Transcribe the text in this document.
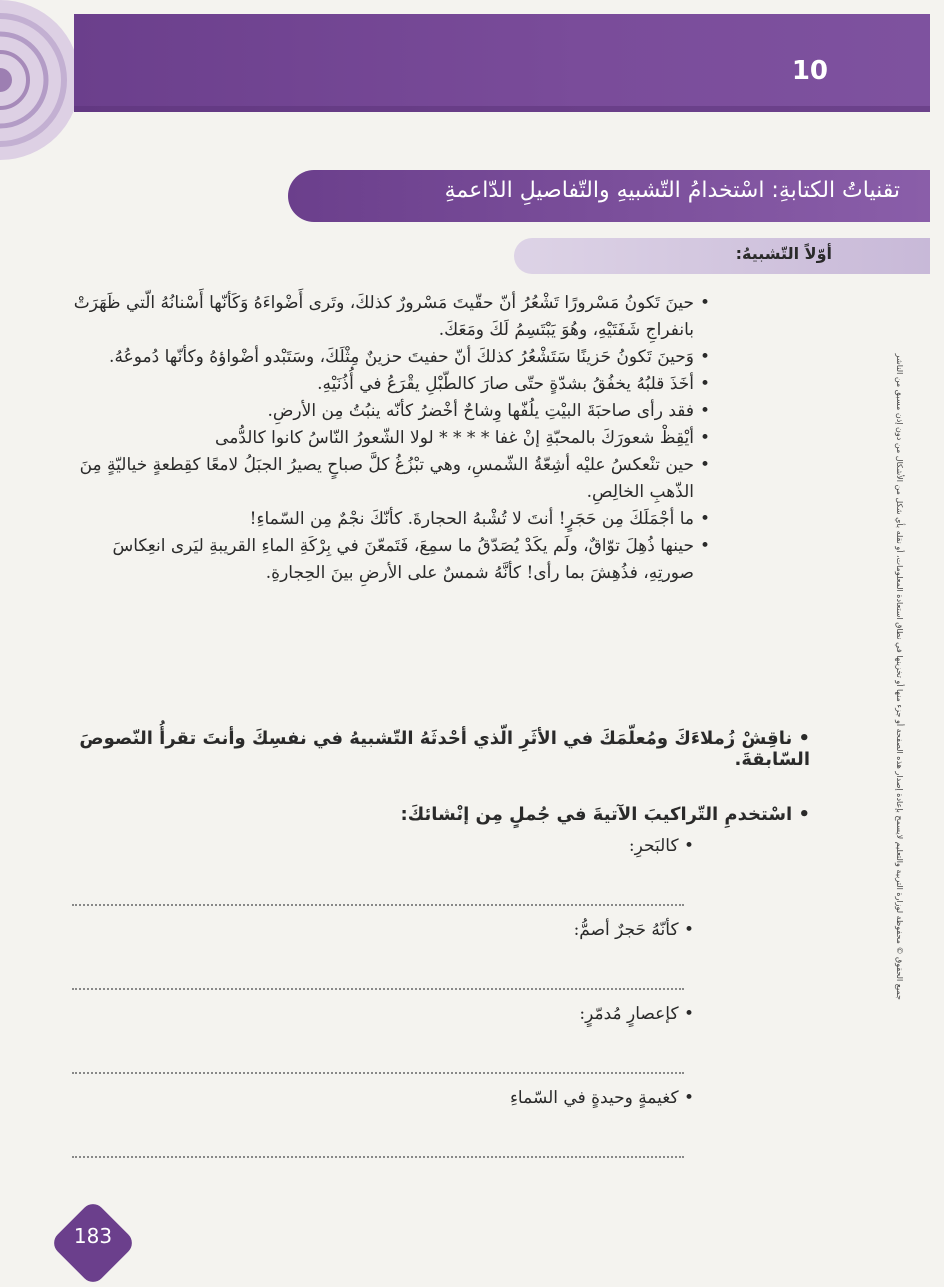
10
تقنياتُ الكتابةِ: اسْتخدامُ التّشبيهِ والتّفاصيلِ الدّاعمةِ
أوّلاً التّشبيهُ:
جميع الحقوق © محفوظة لوزارة التربية والتعليم لايسمح بإعادة إصدار هذه الصفحة أو جزء منها أو تخزينها في نطاق استعادة المعلومات، أو نقله بأي شكل من الأشكال من دون إذن مسبق من الناشر
• حينَ تَكونُ مَسْرورًا تَشْعُرُ أنّ حقّيتَ مَسْرورٌ كذلكَ، وتَرى أَضْواءَهُ وَكَأنّها أَسْنانُهُ الّتي ظَهَرَتْ بانفراجِ شَفَتَيْهِ، وهُوَ يَبْتَسِمُ لَكَ ومَعَكَ.
• وَحينَ تَكونُ حَزينًا سَتَشْعُرُ كذلكَ أنّ حفيتَ حزينٌ مِثْلَكَ، وسَتَبْدو أضْواؤهُ وكأنّها دُموعُهُ.
• أخَذَ قلبُهُ يخفُقُ بشدّةٍ حتّى صارَ كالطّبْلِ يقْرَعُ في أُذُنَيْهِ.
• فقد رأى صاحبَةَ البيْتِ يلُفّها وِشاحٌ أخْضرُ كأنّه ينبُتُ مِن الأرضِ.
• أيْقِظْ شعورَكَ بالمحبّةِ إنْ غفا * * * * لولا الشّعورُ النّاسُ كانوا كالدُّمى
• حين تنْعكسُ عليْه أشِعّةُ الشّمسِ، وهي تبْزُغُ كلَّ صباحٍ يصيرُ الجبَلُ لامعًا كقِطعةٍ خياليّةٍ مِنَ الذّهبِ الخالِصِ.
• ما أجْمَلَكَ مِن حَجَرٍ! أنتَ لا تُشْبهُ الحجارةَ. كأنّكَ نجْمٌ مِن السّماءِ!
• حينها ذُهِلَ توّاقٌ، ولَم يكَدْ يُصَدّقُ ما سمِعَ، فَتَمعّنَ في بِرْكَةِ الماءِ القريبةِ ليَرى انعِكاسَ صورتِهِ، فذُهِشَ بما رأى! كأنَّهُ شمسٌ على الأرضِ بينَ الحِجارةِ.
• ناقِشْ زُملاءَكَ ومُعلّمَكَ في الأثَرِ الّذي أحْدثَهُ التّشبيهُ في نفسِكَ وأنتَ تقرأُ النّصوصَ السّابقةَ.
• اسْتخدمِ التّراكيبَ الآتيةَ في جُملٍ مِن إنْشائكَ:
• كالبَحرِ:
• كأنّهُ حَجرٌ أصمُّ:
• كإعصارٍ مُدمّرٍ:
• كغيمةٍ وحيدةٍ في السّماءِ
183
